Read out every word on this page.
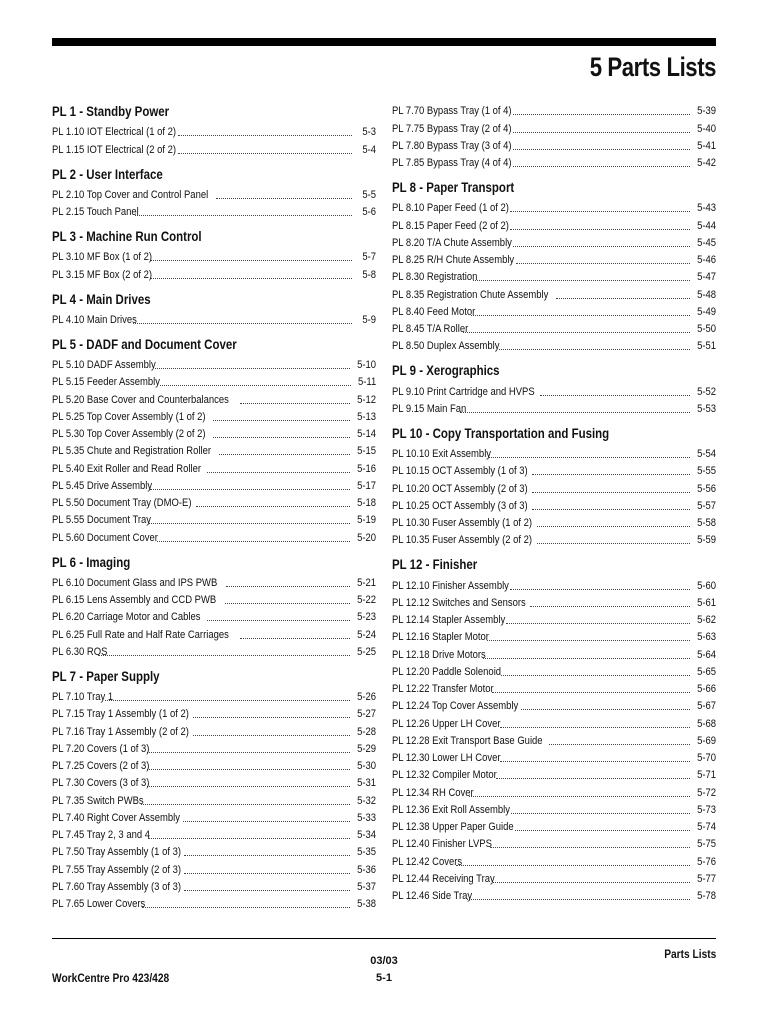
5 Parts Lists
PL 1 - Standby Power
PL 1.10 IOT Electrical (1 of 2)	5-3
PL 1.15 IOT Electrical (2 of 2)	5-4
PL 2 - User Interface
PL 2.10 Top Cover and Control Panel	5-5
PL 2.15 Touch Panel	5-6
PL 3 - Machine Run Control
PL 3.10 MF Box (1 of 2)	5-7
PL 3.15 MF Box (2 of 2)	5-8
PL 4 - Main Drives
PL 4.10 Main Drives	5-9
PL 5 - DADF and Document Cover
PL 5.10 DADF Assembly	5-10
PL 5.15 Feeder Assembly	5-11
PL 5.20 Base Cover and Counterbalances	5-12
PL 5.25 Top Cover Assembly (1 of 2)	5-13
PL 5.30 Top Cover Assembly (2 of 2)	5-14
PL 5.35 Chute and Registration Roller	5-15
PL 5.40 Exit Roller and Read Roller	5-16
PL 5.45 Drive Assembly	5-17
PL 5.50 Document Tray (DMO-E)	5-18
PL 5.55 Document Tray	5-19
PL 5.60 Document Cover	5-20
PL 6 - Imaging
PL 6.10 Document Glass and IPS PWB	5-21
PL 6.15 Lens Assembly and CCD PWB	5-22
PL 6.20 Carriage Motor and Cables	5-23
PL 6.25 Full Rate and Half Rate Carriages	5-24
PL 6.30 ROS	5-25
PL 7 - Paper Supply
PL 7.10 Tray 1	5-26
PL 7.15 Tray 1 Assembly (1 of 2)	5-27
PL 7.16 Tray 1 Assembly (2 of 2)	5-28
PL 7.20 Covers (1 of 3)	5-29
PL 7.25 Covers (2 of 3)	5-30
PL 7.30 Covers (3 of 3)	5-31
PL 7.35 Switch PWBs	5-32
PL 7.40 Right Cover Assembly	5-33
PL 7.45 Tray 2, 3 and 4	5-34
PL 7.50 Tray Assembly (1 of 3)	5-35
PL 7.55 Tray Assembly (2 of 3)	5-36
PL 7.60 Tray Assembly (3 of 3)	5-37
PL 7.65 Lower Covers	5-38
PL 7.70 Bypass Tray (1 of 4)	5-39
PL 7.75 Bypass Tray (2 of 4)	5-40
PL 7.80 Bypass Tray (3 of 4)	5-41
PL 7.85 Bypass Tray (4 of 4)	5-42
PL 8 - Paper Transport
PL 8.10 Paper Feed (1 of 2)	5-43
PL 8.15 Paper Feed (2 of 2)	5-44
PL 8.20 T/A Chute Assembly	5-45
PL 8.25 R/H Chute Assembly	5-46
PL 8.30 Registration	5-47
PL 8.35 Registration Chute Assembly	5-48
PL 8.40 Feed Motor	5-49
PL 8.45 T/A Roller	5-50
PL 8.50 Duplex Assembly	5-51
PL 9 - Xerographics
PL 9.10 Print Cartridge and HVPS	5-52
PL 9.15 Main Fan	5-53
PL 10 - Copy Transportation and Fusing
PL 10.10 Exit Assembly	5-54
PL 10.15 OCT Assembly (1 of 3)	5-55
PL 10.20 OCT Assembly (2 of 3)	5-56
PL 10.25 OCT Assembly (3 of 3)	5-57
PL 10.30 Fuser Assembly (1 of 2)	5-58
PL 10.35 Fuser Assembly (2 of 2)	5-59
PL 12 - Finisher
PL 12.10 Finisher Assembly	5-60
PL 12.12 Switches and Sensors	5-61
PL 12.14 Stapler Assembly	5-62
PL 12.16 Stapler Motor	5-63
PL 12.18 Drive Motors	5-64
PL 12.20 Paddle Solenoid	5-65
PL 12.22 Transfer Motor	5-66
PL 12.24 Top Cover Assembly	5-67
PL 12.26 Upper LH Cover	5-68
PL 12.28 Exit Transport Base Guide	5-69
PL 12.30 Lower LH Cover	5-70
PL 12.32 Compiler Motor	5-71
PL 12.34 RH Cover	5-72
PL 12.36 Exit Roll Assembly	5-73
PL 12.38 Upper Paper Guide	5-74
PL 12.40 Finisher LVPS	5-75
PL 12.42 Covers	5-76
PL 12.44 Receiving Tray	5-77
PL 12.46 Side Tray	5-78
Parts Lists
03/03
WorkCentre Pro 423/428	5-1
